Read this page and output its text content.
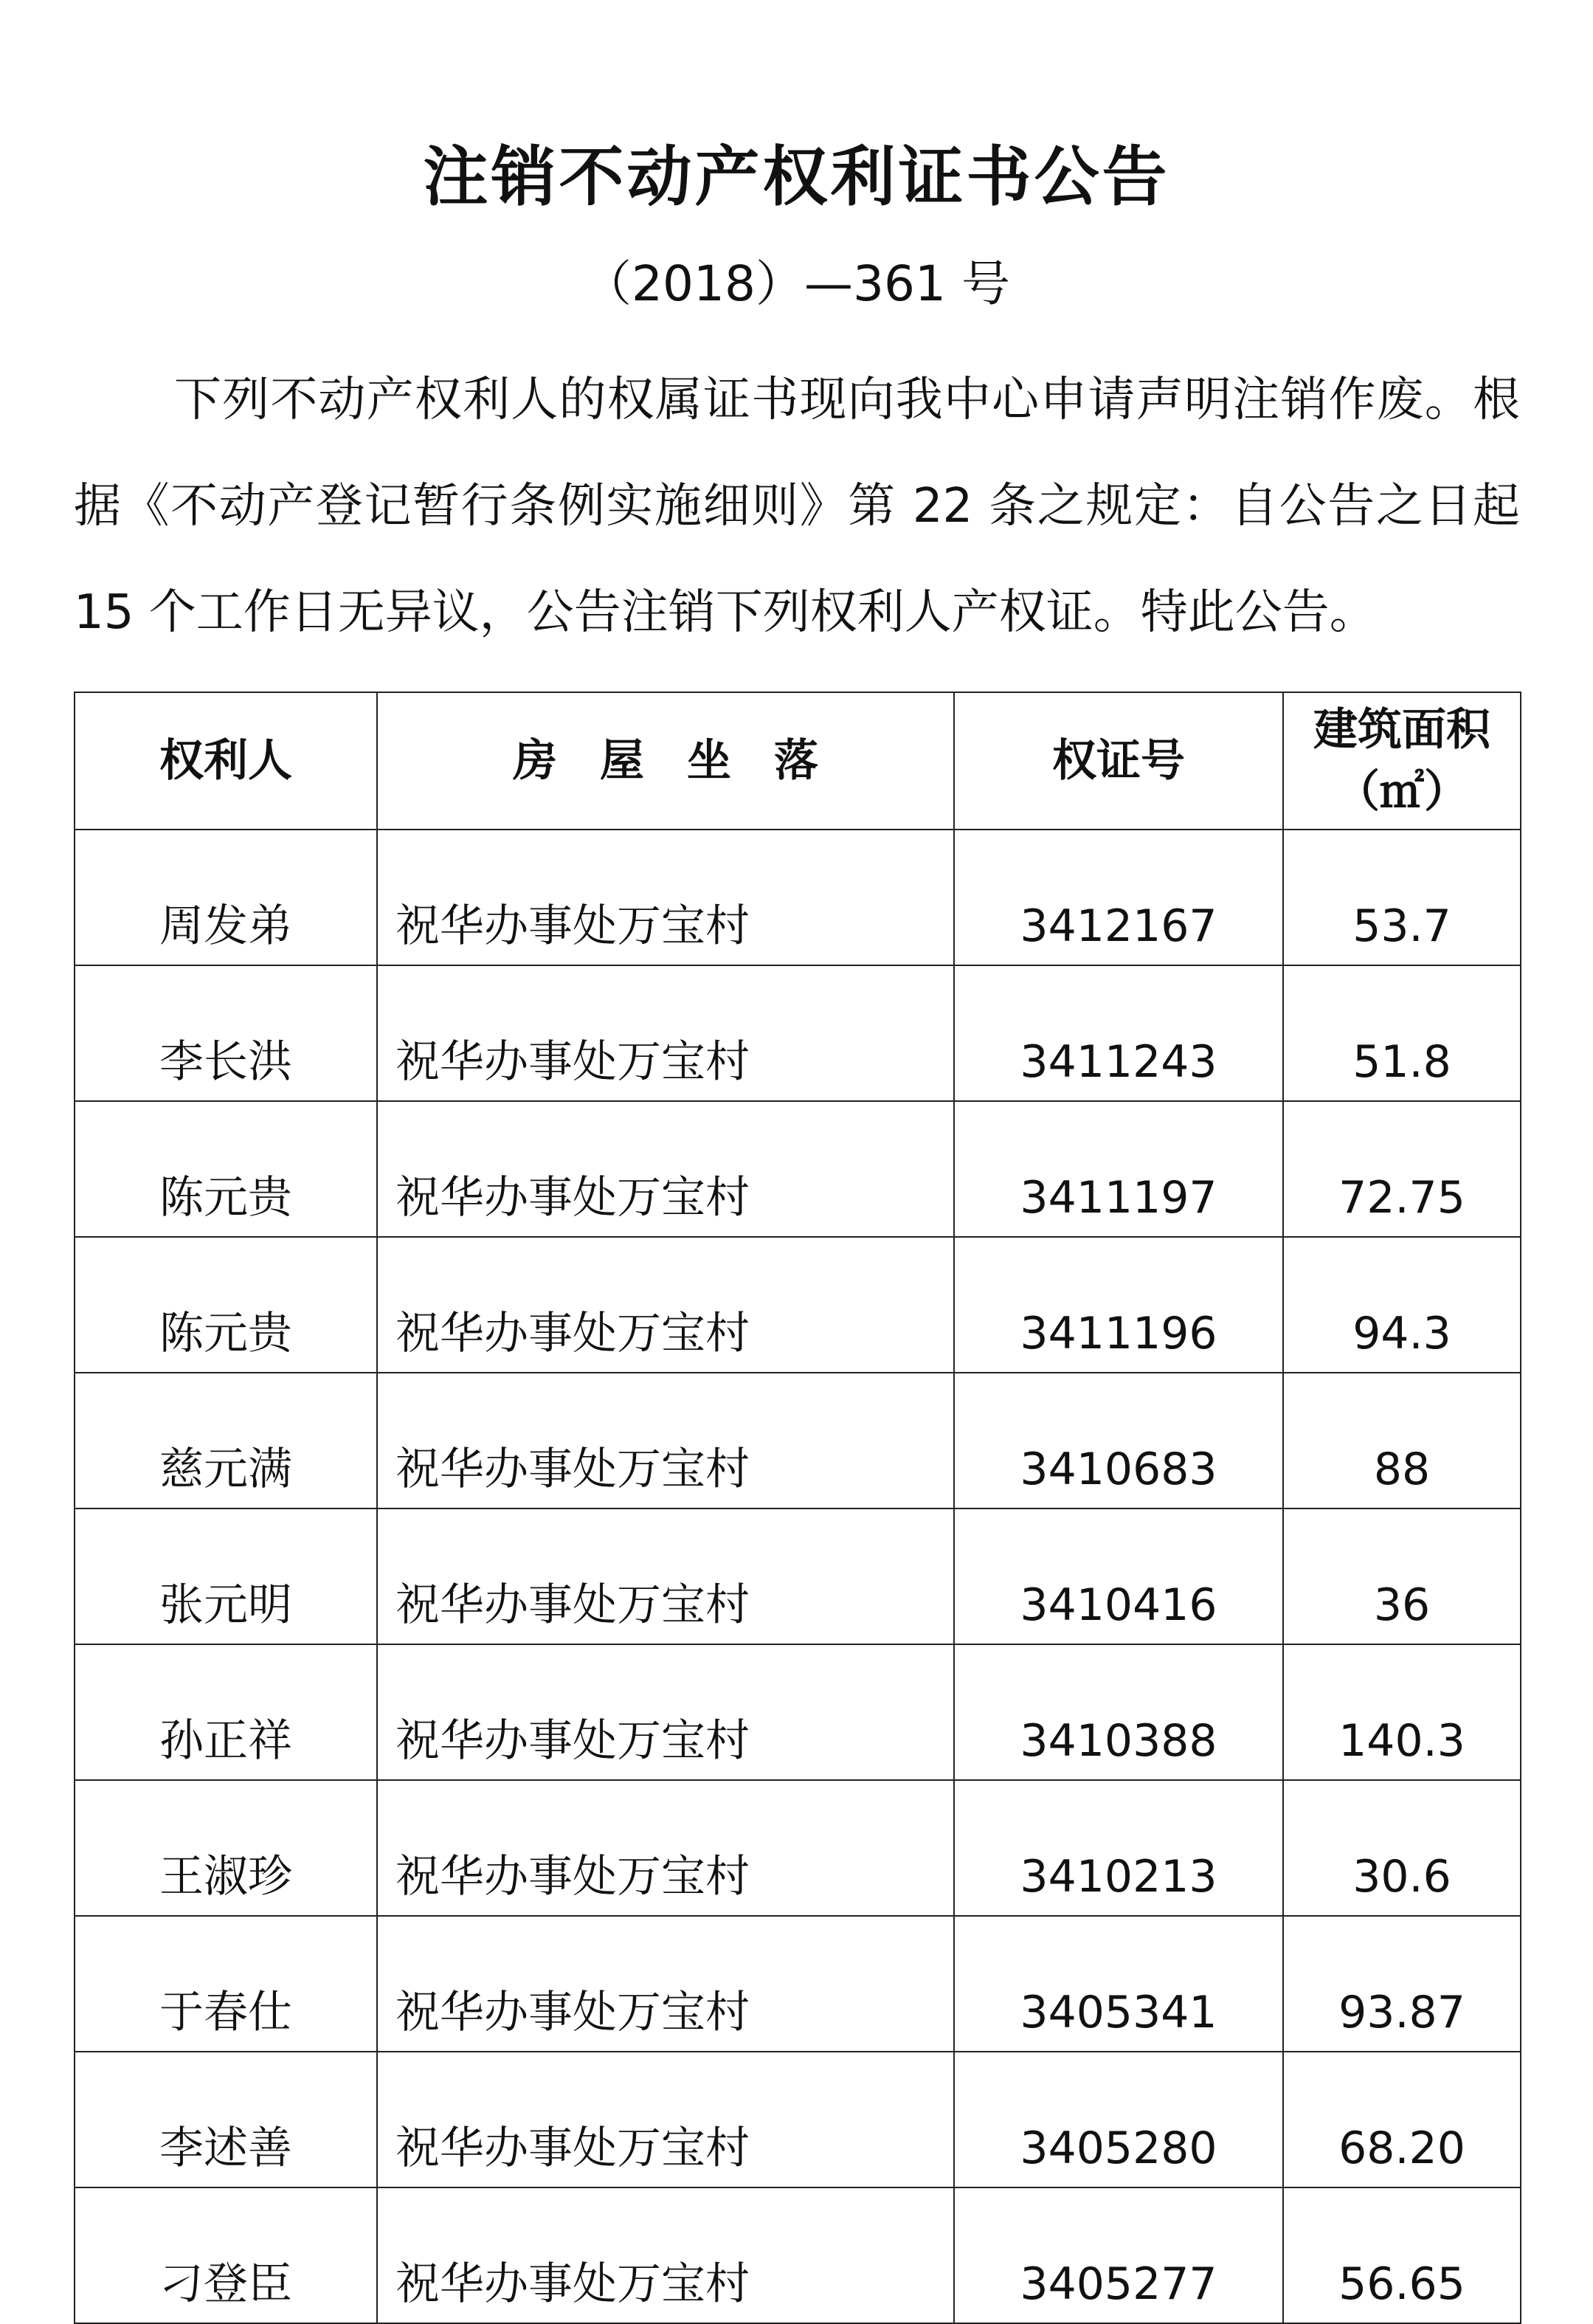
注销不动产权利证书公告
（2018）—361 号

下列不动产权利人的权属证书现向我中心申请声明注销作废。根据《不动产登记暂行条例实施细则》第 22 条之规定：自公告之日起 15 个工作日无异议，公告注销下列权利人产权证。特此公告。

权利人	房屋坐落	权证号	建筑面积
（㎡）

周发弟	祝华办事处万宝村	3412167	53.7
李长洪	祝华办事处万宝村	3411243	51.8
陈元贵	祝华办事处万宝村	3411197	72.75
陈元贵	祝华办事处万宝村	3411196	94.3
慈元满	祝华办事处万宝村	3410683	88
张元明	祝华办事处万宝村	3410416	36
孙正祥	祝华办事处万宝村	3410388	140.3
王淑珍	祝华办事处万宝村	3410213	30.6
于春仕	祝华办事处万宝村	3405341	93.87
李述善	祝华办事处万宝村	3405280	68.20
刁登臣	祝华办事处万宝村	3405277	56.65
